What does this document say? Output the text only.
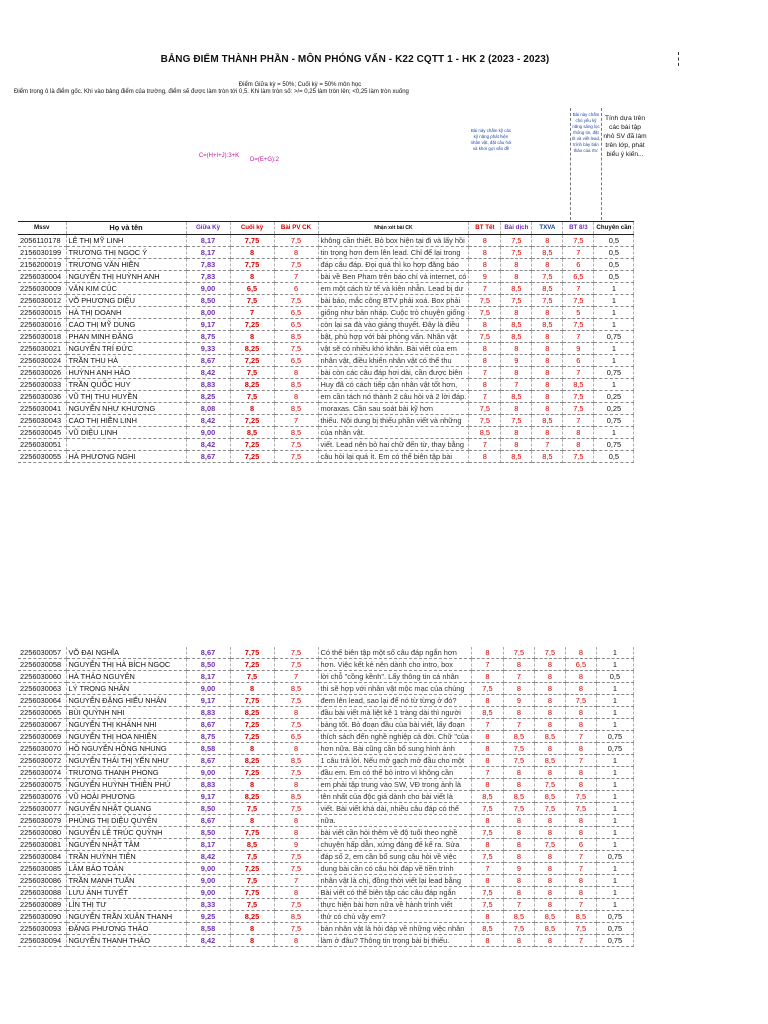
BẢNG ĐIỂM THÀNH PHẦN - MÔN PHÓNG VẤN - K22 CQTT 1 - HK 2 (2023 - 2023)
Điểm Giữa kỳ = 50%; Cuối kỳ = 50% môn học
Điểm trong ô là điểm gốc. Khi vào bảng điểm của trường, điểm sẽ được làm tròn tới 0,5. Khi làm tròn số: >/= 0,25 làm tròn lên; <0,25 làm tròn xuống
C=(H+I+J):3+K
D=(E+G):2
Bài này chấm kỹ các kỹ năng phát hiện nhân vật, đặt câu hỏi và khơi gợi vấn đề
Bài này chấm chủ yếu kỹ năng sáng lọc thông tin, đặt tít và viết lead, trình bày bản thảo của SV.
Tính dựa trên các bài tập nhỏ SV đã làm trên lớp, phát biểu ý kiến...
Mssv	Họ và tên	Giữa Kỳ	Cuối kỳ	Bài PV CK	Nhận xét bài CK	BT Tết	Bài dịch	TXVA	BT 8/3	Chuyên cần
2056110178	LÊ THỊ MỸ LINH	8,17	7,75	7,5	không cần thiết. Bỏ box hiện tại đi và lấy hồi	8	7,5	8	7,5	0,5
2156030199	TRƯƠNG THỊ NGỌC Ý	8,17	8	8	tin trọng hơn đem lên lead. Chỉ để lại trong	8	7,5	8,5	7	0,5
2156200019	TRƯƠNG VĂN HIỀN	7,83	7,75	7,5	đáp câu đáp. Đọi quá thì ko hợp đăng báo	8	8	8	6	0,5
2256030004	NGUYỄN THỊ HUỲNH ANH	7,83	8	7	bài về Ben Pham trên báo chí và internet, có	9	8	7,5	6,5	0,5
2256030009	VĂN KIM CÚC	9,00	6,5	6	em một cách từ tế và kiên nhẫn. Lead bị dư	7	8,5	8,5	7	1
2256030012	VÕ PHƯƠNG DIỆU	8,50	7,5	7,5	bài báo, mắc công BTV phải xoá. Box phải	7,5	7,5	7,5	7,5	1
2256030015	HÀ THỊ DOANH	8,00	7	6,5	giống như bản nháp. Cuộc trò chuyện giống	7,5	8	8	5	1
2256030016	CAO THỊ MỸ DUNG	9,17	7,25	6,5	còn lại sa đà vào giảng thuyết. Đây là điều	8	8,5	8,5	7,5	1
2256030018	PHAN MINH ĐĂNG	8,75	8	8,5	bật, phù hợp với bài phỏng vấn. Nhân vật	7,5	8,5	8	7	0,75
2256030021	NGUYỄN TRÍ ĐỨC	9,33	8,25	7,5	vật sẽ có nhiều khó khăn. Bài viết của em	8	8	8	9	1
2256030024	TRẦN THU HÀ	8,67	7,25	6,5	nhân vật, điều khiển nhân vật có thể thu	8	9	8	6	1
2256030026	HUỲNH ANH HẢO	8,42	7,5	8	bài còn các câu đáp hơi dài, cần được biên	7	8	8	7	0,75
2256030033	TRẦN QUỐC HUY	8,83	8,25	8,5	Huy đã có cách tiếp cận nhân vật tốt hơn,	8	7	8	8,5	1
2256030036	VŨ THỊ THU HUYỀN	8,25	7,5	8	em cần tách nó thành 2 câu hỏi và 2 lời đáp.	7	8,5	8	7,5	0,25
2256030041	NGUYỄN NHƯ KHƯƠNG	8,08	8	8,5	moraxas. Cần sau soát bài kỹ hơn	7,5	8	8	7,5	0,25
2256030043	CAO THỊ HIỀN LINH	8,42	7,25	7	thiếu. Nội dung bị thiếu phần viết và những	7,5	7,5	8,5	7	0,75
2256030045	VŨ DIỆU LINH	9,00	8,5	8,5	của nhân vật.	8,5	8	8	8	1
2256030051		8,42	7,25	7,5	viết. Lead nên bỏ hai chữ đến từ, thay bằng	7	8	7	8	0,75
2256030055	HÀ PHƯƠNG NGHI	8,67	7,25	7,5	câu hỏi lại quá ít. Em có thể biên tập bài	8	8,5	8,5	7,5	0,5
2256030057	VÕ ĐẠI NGHĨA	8,67	7,75	7,5	Có thể biên tập một số câu đáp ngắn hơn	8	7,5	7,5	8	1
2256030058	NGUYỄN THỊ HÀ BÍCH NGỌC	8,50	7,25	7,5	hơn. Việc kết kẻ nên dành cho intro, box	7	8	8	6,5	1
2256030060	HÀ THẢO NGUYÊN	8,17	7,5	7	lời chỗ "cồng kềnh". Lấy thông tin cá nhân	8	7	8	8	0,5
2256030063	LÝ TRỌNG NHÂN	9,00	8	8,5	thì sẽ hợp với nhân vật mộc mạc của chúng	7,5	8	8	8	1
2256030064	NGUYỄN ĐẶNG HIẾU NHÂN	9,17	7,75	7,5	đem lên lead, sao lại để nó từ từng ở đó?	8	9	8	7,5	1
2256030065	BÙI QUỲNH NHI	8,83	8,25	8	đầu bài viết mà liệt kê 1 tràng dài thì người	8,5	8	8	8	1
2256030067	NGUYỄN THỊ KHÁNH NHI	8,67	7,25	7,5	bảng tốt. Bỏ đoạn đầu của bài viết, lấy đoạn	7	7	8	8	1
2256030069	NGUYỄN THỊ HOA NHIÊN	8,75	7,25	6,5	thích sách đến nghề nghiệp cả đời. Chữ "của	8	8,5	8,5	7	0,75
2256030070	HỒ NGUYỄN HỒNG NHUNG	8,58	8	8	hơn nữa. Bài cũng cần bổ sung hình ảnh	8	7,5	8	8	0,75
2256030072	NGUYỄN THÁI THỊ YẾN NHƯ	8,67	8,25	8,5	1 câu trả lời. Nếu mở gạch mở đầu cho một	8	7,5	8,5	7	1
2256030074	TRƯƠNG THANH PHONG	9,00	7,25	7,5	đầu em. Em có thể bỏ intro vì không cần	7	8	8	8	1
2256030075	NGUYỄN HUỲNH THIÊN PHÚ	8,83	8	8	em phải tập trung vào SW, VĐ trong ảnh là	8	8	7,5	8	1
2256030076	VŨ HOÀI PHƯƠNG	9,17	8,25	8,5	tên nhất của độc giả dành cho bài viết là	8,5	8,5	8,5	7,5	1
2256030077	NGUYỄN NHẬT QUANG	8,50	7,5	7,5	viết. Bài viết khá dài, nhiều câu đáp có thể	7,5	7,5	7,5	7,5	1
2256030079	PHÙNG THỊ DIỆU QUYÊN	8,67	8	8	nữa.	8	8	8	8	1
2256030080	NGUYỄN LÊ TRÚC QUỲNH	8,50	7,75	8	bài viết cần hỏi thêm về độ tuổi theo nghề	7,5	8	8	8	1
2256030081	NGUYỄN NHẬT TÂM	8,17	8,5	9	chuyện hấp dẫn, xứng đáng để kể ra. Sửa	8	8	7,5	6	1
2256030084	TRẦN HUỲNH TIÊN	8,42	7,5	7,5	đáp số 2, em cần bổ sung câu hỏi về việc	7,5	8	8	7	0,75
2256030085	LÂM BẢO TOÀN	9,00	7,25	7,5	dung bài cần có câu hỏi đáp về tiền trình	7	9	8	7	1
2256030086	TRẦN MẠNH TUẤN	9,00	7,5	7	nhân vật là chị, đồng thời viết lại lead bằng	8	8	8	8	1
2256030088	LƯU ÁNH TUYẾT	9,00	7,75	8	Bài viết có thể biên tập các câu đáp ngắn	7,5	8	8	8	1
2256030089	LÌN THỊ TƯ	8,33	7,5	7,5	thực hiện bài hơn nữa về hành trình viết	7,5	7	8	7	1
2256030090	NGUYỄN TRẦN XUÂN THANH	9,25	8,25	8,5	thử có chủ vậy em?	8	8,5	8,5	8,5	0,75
2256030093	ĐẶNG PHƯƠNG THẢO	8,58	8	7,5	bản nhân vật là hỏi đáp về những việc nhân	8,5	7,5	8,5	7,5	0,75
2256030094	NGUYỄN THANH THẢO	8,42	8	8	làm ở đâu? Thông tin trọng bài bị thiếu.	8	8	8	7	0,75
